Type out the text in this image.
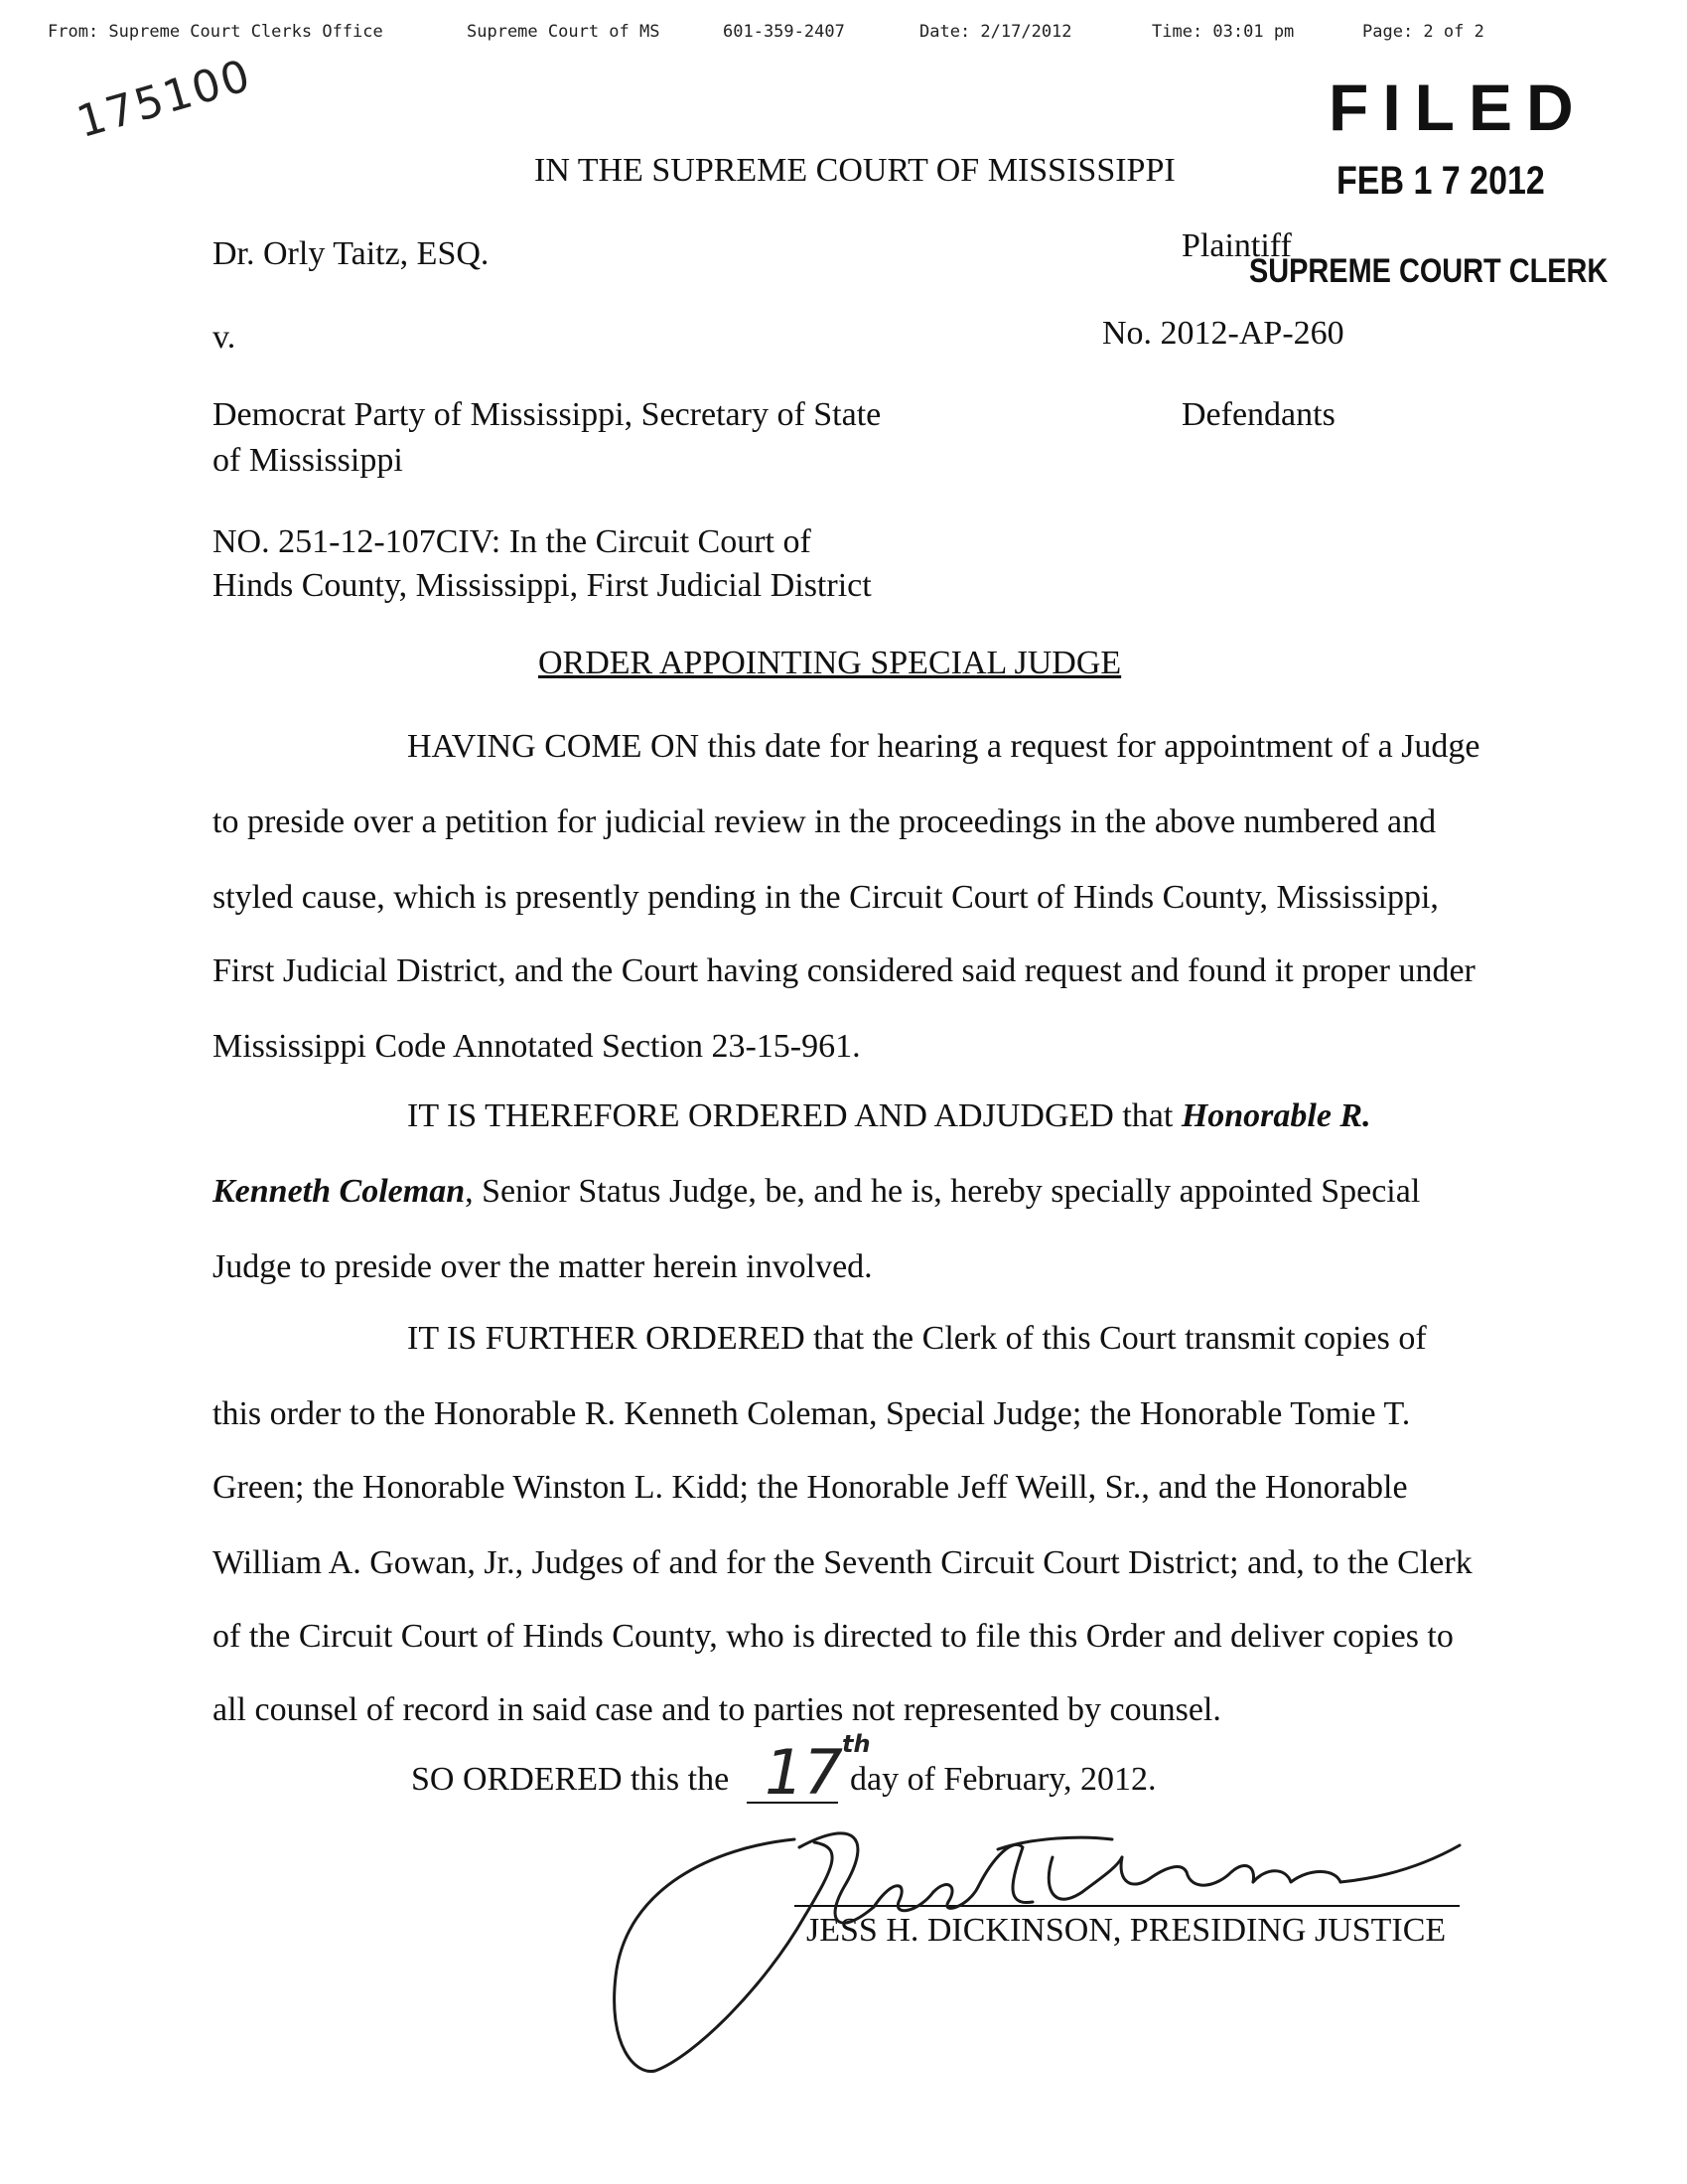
From: Supreme Court Clerks Office	Supreme Court of MS	601-359-2407	Date: 2/17/2012	Time: 03:01 pm	Page: 2 of 2
175100	FILED
FEB 1 7 2012
IN THE SUPREME COURT OF MISSISSIPPI
Dr. Orly Taitz, ESQ.	Plaintiff
SUPREME COURT CLERK
v.	No. 2012-AP-260
Democrat Party of Mississippi, Secretary of State	Defendants
of Mississippi
NO. 251-12-107CIV: In the Circuit Court of
Hinds County, Mississippi, First Judicial District
ORDER APPOINTING SPECIAL JUDGE
HAVING COME ON this date for hearing a request for appointment of a Judge
to preside over a petition for judicial review in the proceedings in the above numbered and
styled cause, which is presently pending in the Circuit Court of Hinds County, Mississippi,
First Judicial District, and the Court having considered said request and found it proper under
Mississippi Code Annotated Section 23-15-961.
IT IS THEREFORE ORDERED AND ADJUDGED that Honorable R.
Kenneth Coleman, Senior Status Judge, be, and he is, hereby specially appointed Special
Judge to preside over the matter herein involved.
IT IS FURTHER ORDERED that the Clerk of this Court transmit copies of
this order to the Honorable R. Kenneth Coleman, Special Judge; the Honorable Tomie T.
Green; the Honorable Winston L. Kidd; the Honorable Jeff Weill, Sr., and the Honorable
William A. Gowan, Jr., Judges of and for the Seventh Circuit Court District; and, to the Clerk
of the Circuit Court of Hinds County, who is directed to file this Order and deliver copies to
all counsel of record in said case and to parties not represented by counsel.
SO ORDERED this the 17 th
day of February, 2012.
JESS H. DICKINSON, PRESIDING JUSTICE
